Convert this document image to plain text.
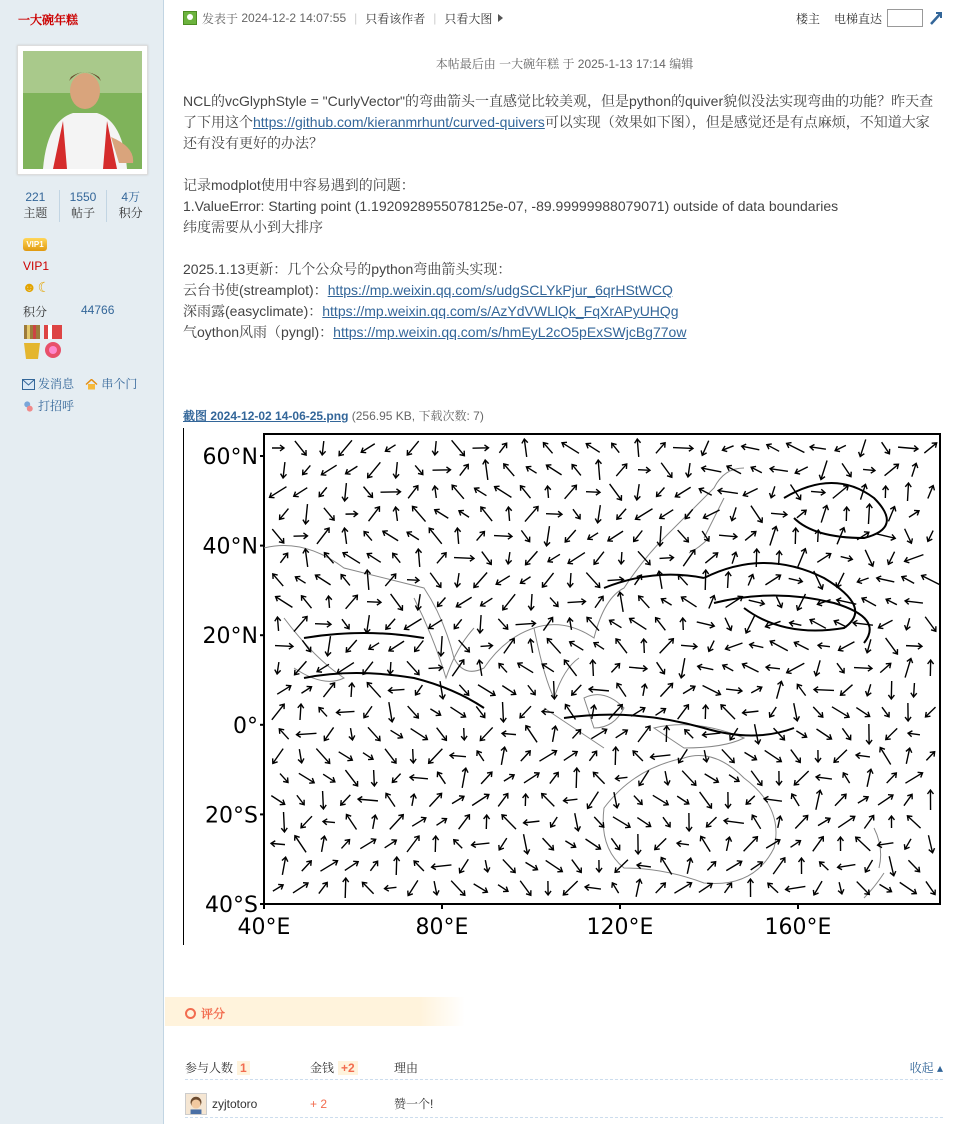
一大碗年糕
221
主题
1550
帖子
4万
积分
VIP1
VIP1
☻☾
积分	44766
发消息
串个门

打招呼
发表于
2024-12-2 14:07:55 | 只看该作者 | 只看大图	楼主 电梯直达
本帖最后由 一大碗年糕 于 2025-1-13 17:14 编辑

NCL的vcGlyphStyle = "CurlyVector"的弯曲箭头一直感觉比较美观，但是python的quiver貌似没法实现弯曲的功能？昨天查了下用这个https://github.com/kieranmrhunt/curved-quivers可以实现（效果如下图），但是感觉还是有点麻烦，不知道大家还有没有更好的办法？

记录modplot使用中容易遇到的问题：

1.ValueError: Starting point (1.1920928955078125e-07, -89.99999988079071) outside of data boundaries

纬度需要从小到大排序

2025.1.13更新：几个公众号的python弯曲箭头实现：

云台书使(streamplot)：https://mp.weixin.qq.com/s/udgSCLYkPjur_6qrHStWCQ

深雨露(easyclimate)：https://mp.weixin.qq.com/s/AzYdVWLlQk_FqXrAPyUHQg

气oython风雨（pyngl)：https://mp.weixin.qq.com/s/hmEyL2cO5pExSWjcBg77ow

截图 2024-12-02 14-06-25.png (256.95 KB, 下载次数: 7)
60°N
40°N
20°N
0°
20°S
40°S
40°E	80°E	120°E	160°E
评分
参与人数 1	金钱 +2	理由	收起 ▴
zyjtotoro	+ 2	赞一个!
